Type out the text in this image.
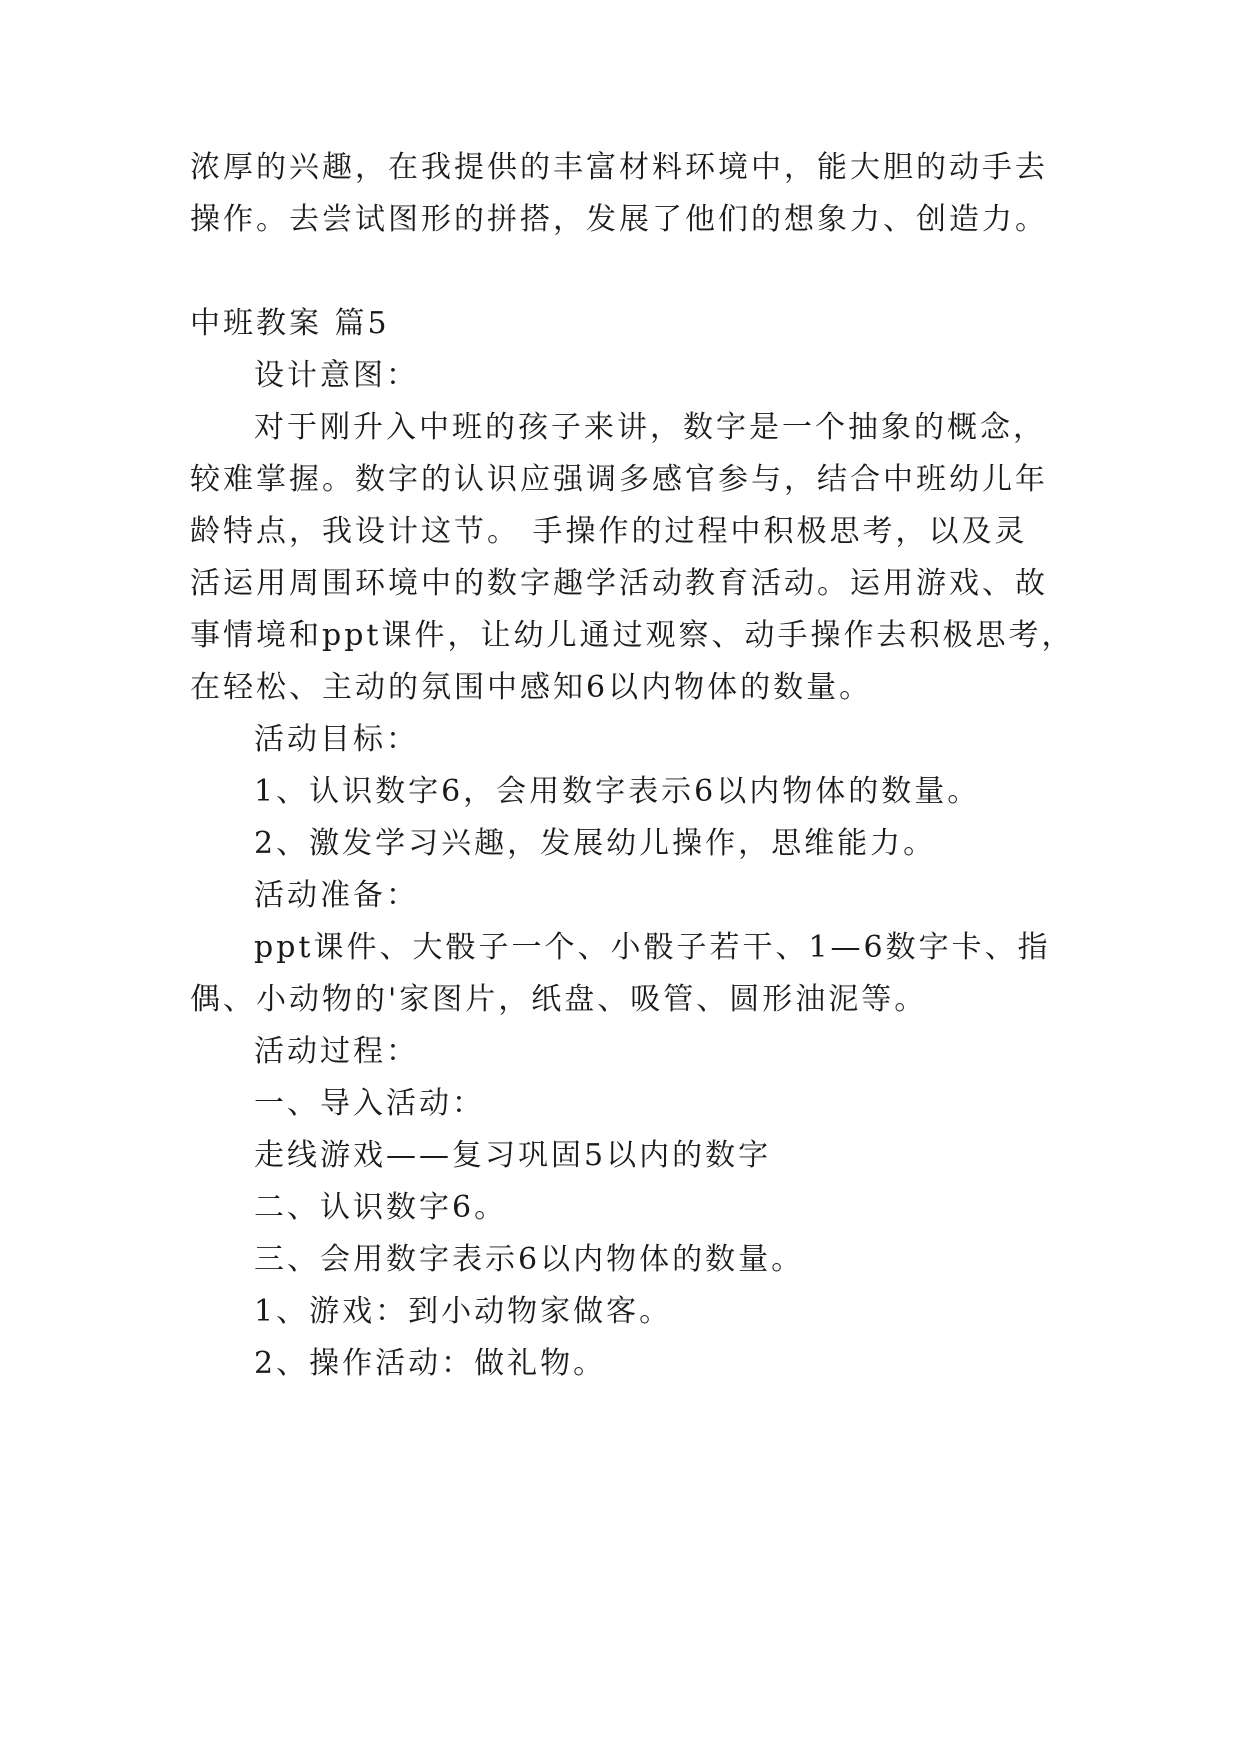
浓厚的兴趣，在我提供的丰富材料环境中，能大胆的动手去
操作。去尝试图形的拼搭，发展了他们的想象力、创造力。
中班教案 篇5
设计意图：
对于刚升入中班的孩子来讲，数字是一个抽象的概念，
较难掌握。数字的认识应强调多感官参与，结合中班幼儿年
龄特点，我设计这节。 手操作的过程中积极思考，以及灵
活运用周围环境中的数字趣学活动教育活动。运用游戏、故
事情境和ppt课件，让幼儿通过观察、动手操作去积极思考，
在轻松、主动的氛围中感知6以内物体的数量。
活动目标：
1、认识数字6，会用数字表示6以内物体的数量。
2、激发学习兴趣，发展幼儿操作，思维能力。
活动准备：
ppt课件、大骰子一个、小骰子若干、1—6数字卡、指
偶、小动物的'家图片，纸盘、吸管、圆形油泥等。
活动过程：
一、导入活动：
走线游戏——复习巩固5以内的数字
二、认识数字6。
三、会用数字表示6以内物体的数量。
1、游戏：到小动物家做客。
2、操作活动：做礼物。
